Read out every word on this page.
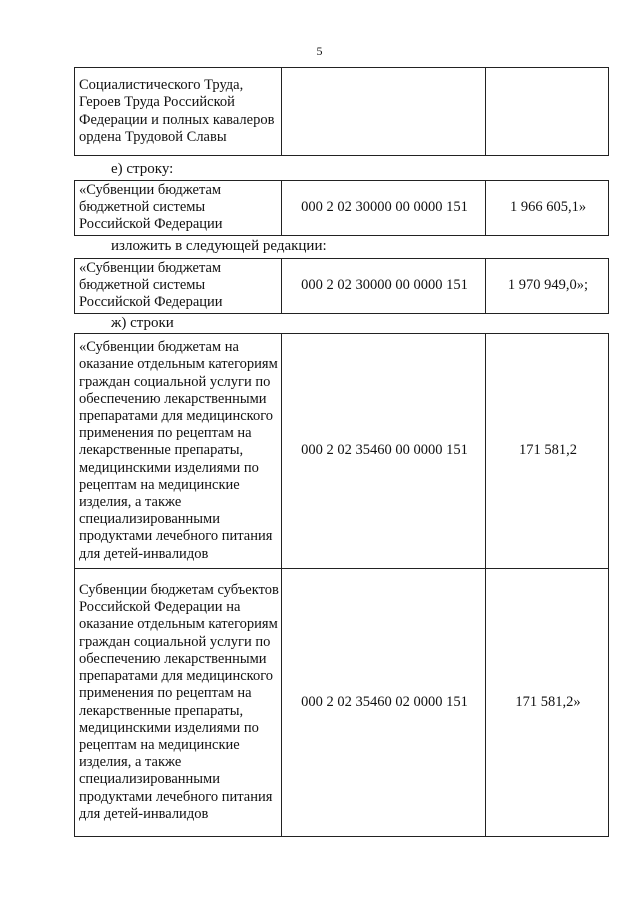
5
Социалистического Труда, Героев Труда Российской Федерации и полных кавалеров ордена Трудовой Славы		
е) строку:
«Субвенции бюджетам бюджетной системы Российской Федерации	000 2 02 30000 00 0000 151	1 966 605,1»
изложить в следующей редакции:
«Субвенции бюджетам бюджетной системы Российской Федерации	000 2 02 30000 00 0000 151	1 970 949,0»;
ж) строки
«Субвенции бюджетам на оказание отдельным категориям граждан социальной услуги по обеспечению лекарственными препаратами для медицинского применения по рецептам на лекарственные препараты, медицинскими изделиями по рецептам на медицинские изделия, а также специализированными продуктами лечебного питания для детей-инвалидов	000 2 02 35460 00 0000 151	171 581,2
Субвенции бюджетам субъектов Российской Федерации на оказание отдельным категориям граждан социальной услуги по обеспечению лекарственными препаратами для медицинского применения по рецептам на лекарственные препараты, медицинскими изделиями по рецептам на медицинские изделия, а также специализированными продуктами лечебного питания для детей-инвалидов	000 2 02 35460 02 0000 151	171 581,2»
